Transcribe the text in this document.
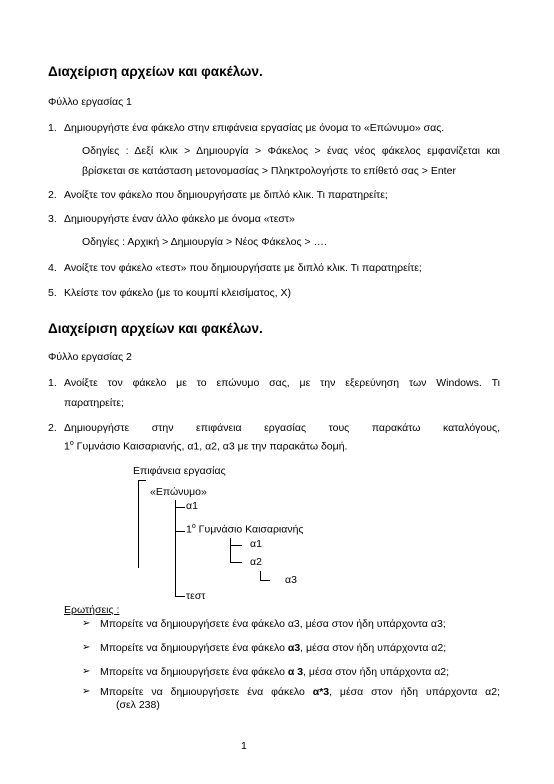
Διαχείριση αρχείων και φακέλων.
Φύλλο εργασίας 1
1. Δημιουργήστε ένα φάκελο στην επιφάνεια εργασίας με όνομα το «Επώνυμο» σας.
Οδηγίες : Δεξί κλικ > Δημιουργία > Φάκελος > ένας νέος φάκελος εμφανίζεται και
βρίσκεται σε κατάσταση μετονομασίας > Πληκτρολογήστε το επίθετό σας > Enter
2. Ανοίξτε τον φάκελο που δημιουργήσατε με διπλό κλικ. Τι παρατηρείτε;
3. Δημιουργήστε έναν άλλο φάκελο με όνομα «τεστ»
Οδηγίες : Αρχική > Δημιουργία > Νέος Φάκελος > ….
4. Ανοίξτε τον φάκελο «τεστ» που δημιουργήσατε με διπλό κλικ. Τι παρατηρείτε;
5. Κλείστε τον φάκελο (με το κουμπί κλεισίματος, Χ)
Διαχείριση αρχείων και φακέλων.
Φύλλο εργασίας 2
1. Ανοίξτε τον φάκελο με το επώνυμο σας, με την εξερεύνηση των Windows. Τι
παρατηρείτε;
2. Δημιουργήστε στην επιφάνεια εργασίας τους παρακάτω καταλόγους,
$1^o$ Γυμνάσιο Καισαριανής, α1, α2, α3 με την παρακάτω δομή.
Επιφάνεια εργασίας
«Επώνυμο»
α1
$1^o$ Γυμνάσιο Καισαριανής
α1
α2
α3
τεστ
Ερωτήσεις :
➢ Μπορείτε να δημιουργήσετε ένα φάκελο α3, μέσα στον ήδη υπάρχοντα α3;
➢ Μπορείτε να δημιουργήσετε ένα φάκελο α3, μέσα στον ήδη υπάρχοντα α2;
➢ Μπορείτε να δημιουργήσετε ένα φάκελο α 3, μέσα στον ήδη υπάρχοντα α2;
➢ Μπορείτε να δημιουργήσετε ένα φάκελο α*3, μέσα στον ήδη υπάρχοντα α2;
(σελ 238)
1
